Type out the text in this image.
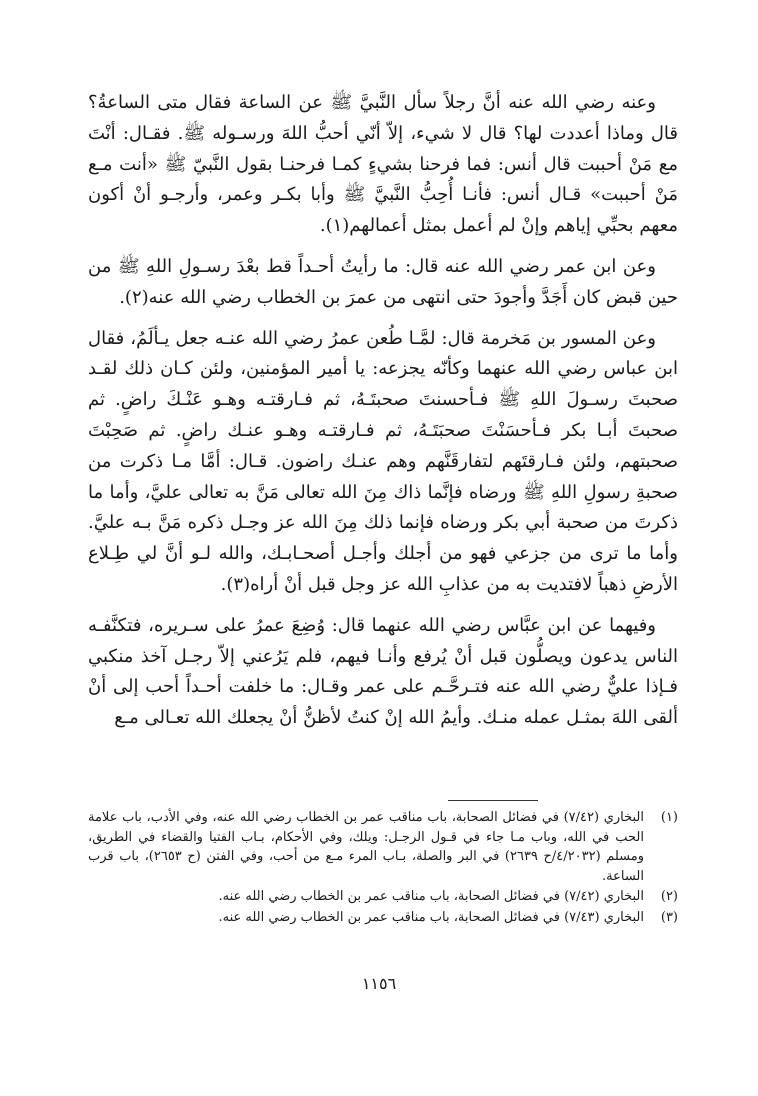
وعنه رضي الله عنه أنَّ رجلاً سأل النَّبيَّ ﷺ عن الساعة فقال متى الساعةُ؟ قال وماذا أعددت لها؟ قال لا شيء، إلاّ أنّي أحبُّ اللهَ ورسـوله ﷺ. فقـال: أنْتَ مع مَنْ أحببت قال أنس: فما فرحنا بشيءٍ كمـا فرحنـا بقول النَّبيّ ﷺ «أنت مـع مَنْ أحببت» قـال أنس: فأنـا أُحِبُّ النَّبيَّ ﷺ وأبا بكـر وعمر، وأرجـو أنْ أكون معهم بحبِّي إياهم وإنْ لم أعمل بمثل أعمالهم(١).

وعن ابن عمر رضي الله عنه قال: ما رأيتُ أحـداً قط بعْدَ رسـولِ اللهِ ﷺ من حين قبض كان أَجَدَّ وأجودَ حتى انتهى من عمرَ بن الخطاب رضي الله عنه(٢).

وعن المسور بن مَخرمة قال: لمَّـا طُعن عمرُ رضي الله عنـه جعل يـألَمُ، فقال ابن عباس رضي الله عنهما وكأنّه يجزعه: يا أمير المؤمنين، ولئن كـان ذلك لقـد صحبتَ رسـولَ اللهِ ﷺ فـأحسنتَ صحبتَـهُ، ثم فـارقتـه وهـو عَنْـكَ راضٍ. ثم صحبتَ أبـا بكر فـأحسَنْتَ صحبَتَـهُ، ثم فـارقتـه وهـو عنـك راضٍ. ثم صَحِبْتَ صحبتهم، ولئن فـارقتَهم لتفارقَنَّهم وهم عنـك راضون. قـال: أمَّا مـا ذكرت من صحبةِ رسولِ اللهِ ﷺ ورضاه فإنَّما ذاك مِنَ الله تعالى مَنَّ به تعالى عليَّ، وأما ما ذكرتَ من صحبة أبي بكر ورضاه فإنما ذلك مِنَ الله عز وجـل ذكره مَنَّ بـه عليَّ. وأما ما ترى من جزعي فهو من أجلك وأجـل أصحـابـك، والله لـو أنَّ لي طِـلاع الأرضِ ذهباً لافتديت به من عذابِ الله عز وجل قبل أنْ أراه(٣).

وفيهما عن ابن عبَّاس رضي الله عنهما قال: وُضِعَ عمرُ على سـريره، فتكنَّفـه الناس يدعون ويصلُّون قبل أنْ يُرفع وأنـا فيهم، فلم يَرُعني إلاّ رجـل آخذ منكبي فـإذا عليٌّ رضي الله عنه فتـرحَّـم على عمر وقـال: ما خلفت أحـداً أحب إلى أنْ ألقى اللهَ بمثـل عمله منـك. وأيمُ الله إنْ كنتُ لأظنُّ أنْ يجعلك الله تعـالى مـع

(١)
البخاري (٧/٤٢) في فضائل الصحابة، باب مناقب عمر بن الخطاب رضي الله عنه، وفي الأدب، باب علامة الحب في الله، وباب مـا جاء في قـول الرجـل: ويلك، وفي الأحكام، بـاب الفتيا والقضاء في الطريق، ومسلم (٤/٢٠٣٢/ح ٢٦٣٩) في البر والصلة، بـاب المرء مـع من أحب، وفي الفتن (ح ٢٦٥٣)، باب قرب الساعة.
(٢)
البخاري (٧/٤٢) في فضائل الصحابة، باب مناقب عمر بن الخطاب رضي الله عنه.
(٣)
البخاري (٧/٤٣) في فضائل الصحابة، باب مناقب عمر بن الخطاب رضي الله عنه.
١١٥٦
